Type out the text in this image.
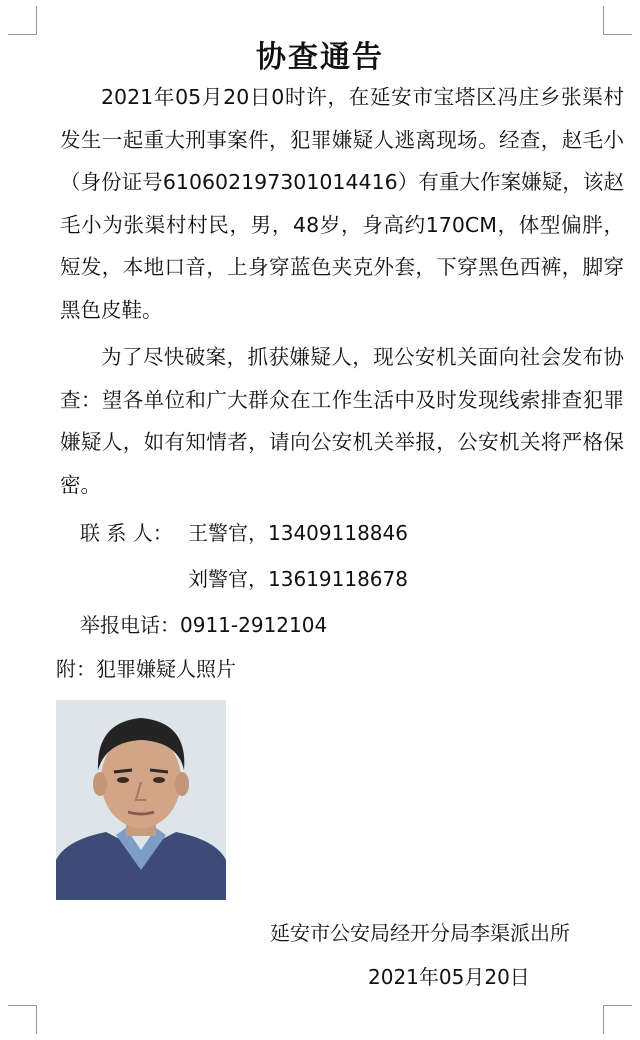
协查通告

2021年05月20日0时许，在延安市宝塔区冯庄乡张渠村发生一起重大刑事案件，犯罪嫌疑人逃离现场。经查，赵毛小（身份证号610602197301014416）有重大作案嫌疑，该赵毛小为张渠村村民，男，48岁，身高约170CM，体型偏胖，短发，本地口音，上身穿蓝色夹克外套，下穿黑色西裤，脚穿黑色皮鞋。

为了尽快破案，抓获嫌疑人，现公安机关面向社会发布协查：望各单位和广大群众在工作生活中及时发现线索排查犯罪嫌疑人，如有知情者，请向公安机关举报，公安机关将严格保密。

联 系 人： 王警官，13409118846
刘警官，13619118678
举报电话：0911-2912104
附：犯罪嫌疑人照片
延安市公安局经开分局李渠派出所
2021年05月20日
